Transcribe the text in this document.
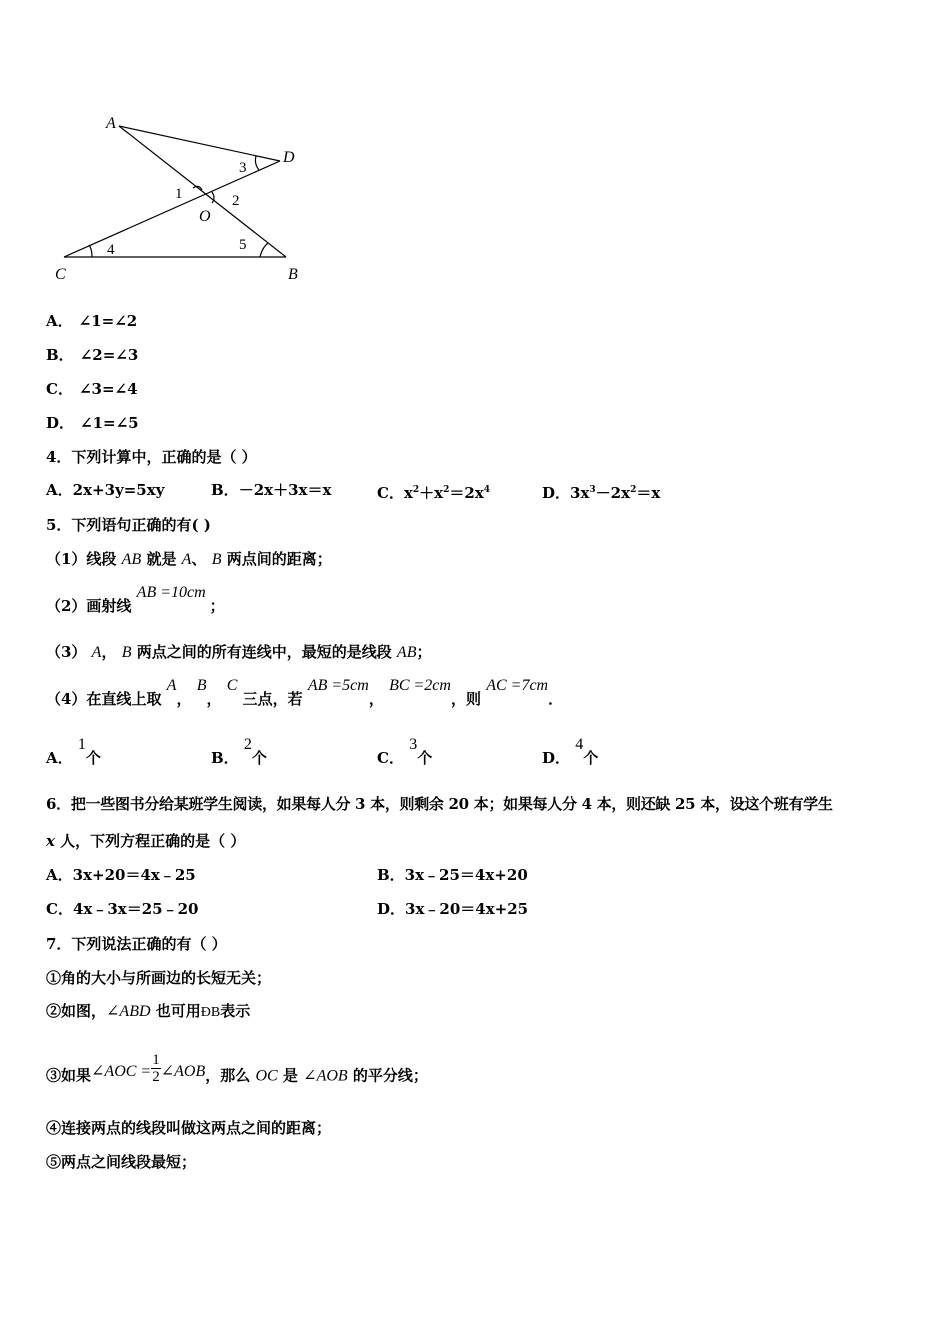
A
D
O
C	B
3
1	2
4	5
A． ∠1=∠2
B． ∠2=∠3
C． ∠3=∠4
D． ∠1=∠5
4．下列计算中，正确的是（ ）
A．2x+3y=5xy	B．－2x＋3x＝x	C．$x^2+x^2=2x^4$	D．$3x^3-2x^2=x$
5．下列语句正确的有( )
（1）线段 AB 就是 A、 B 两点间的距离；
（2）画射线 AB =10cm；
（3） A， B 两点之间的所有连线中，最短的是线段 AB；
（4）在直线上取 A， B， C 三点，若 AB =5cm， BC =2cm，则 AC =7cm．
A． 1个	B． 2个	C． 3个	D． 4个
6．把一些图书分给某班学生阅读，如果每人分 3 本，则剩余 20 本；如果每人分 4 本，则还缺 25 本，设这个班有学生
x 人，下列方程正确的是（ ）
A．3x+20＝4x﹣25	B．3x﹣25＝4x+20
C．4x﹣3x＝25﹣20	D．3x﹣20＝4x+25
7．下列说法正确的有（ ）
①角的大小与所画边的长短无关；
②如图，∠ABD 也可用ÐB表示
③如果∠AOC = $\frac{1}{2}$ ∠AOB，那么 OC 是 ∠AOB 的平分线；
④连接两点的线段叫做这两点之间的距离；
⑤两点之间线段最短；
